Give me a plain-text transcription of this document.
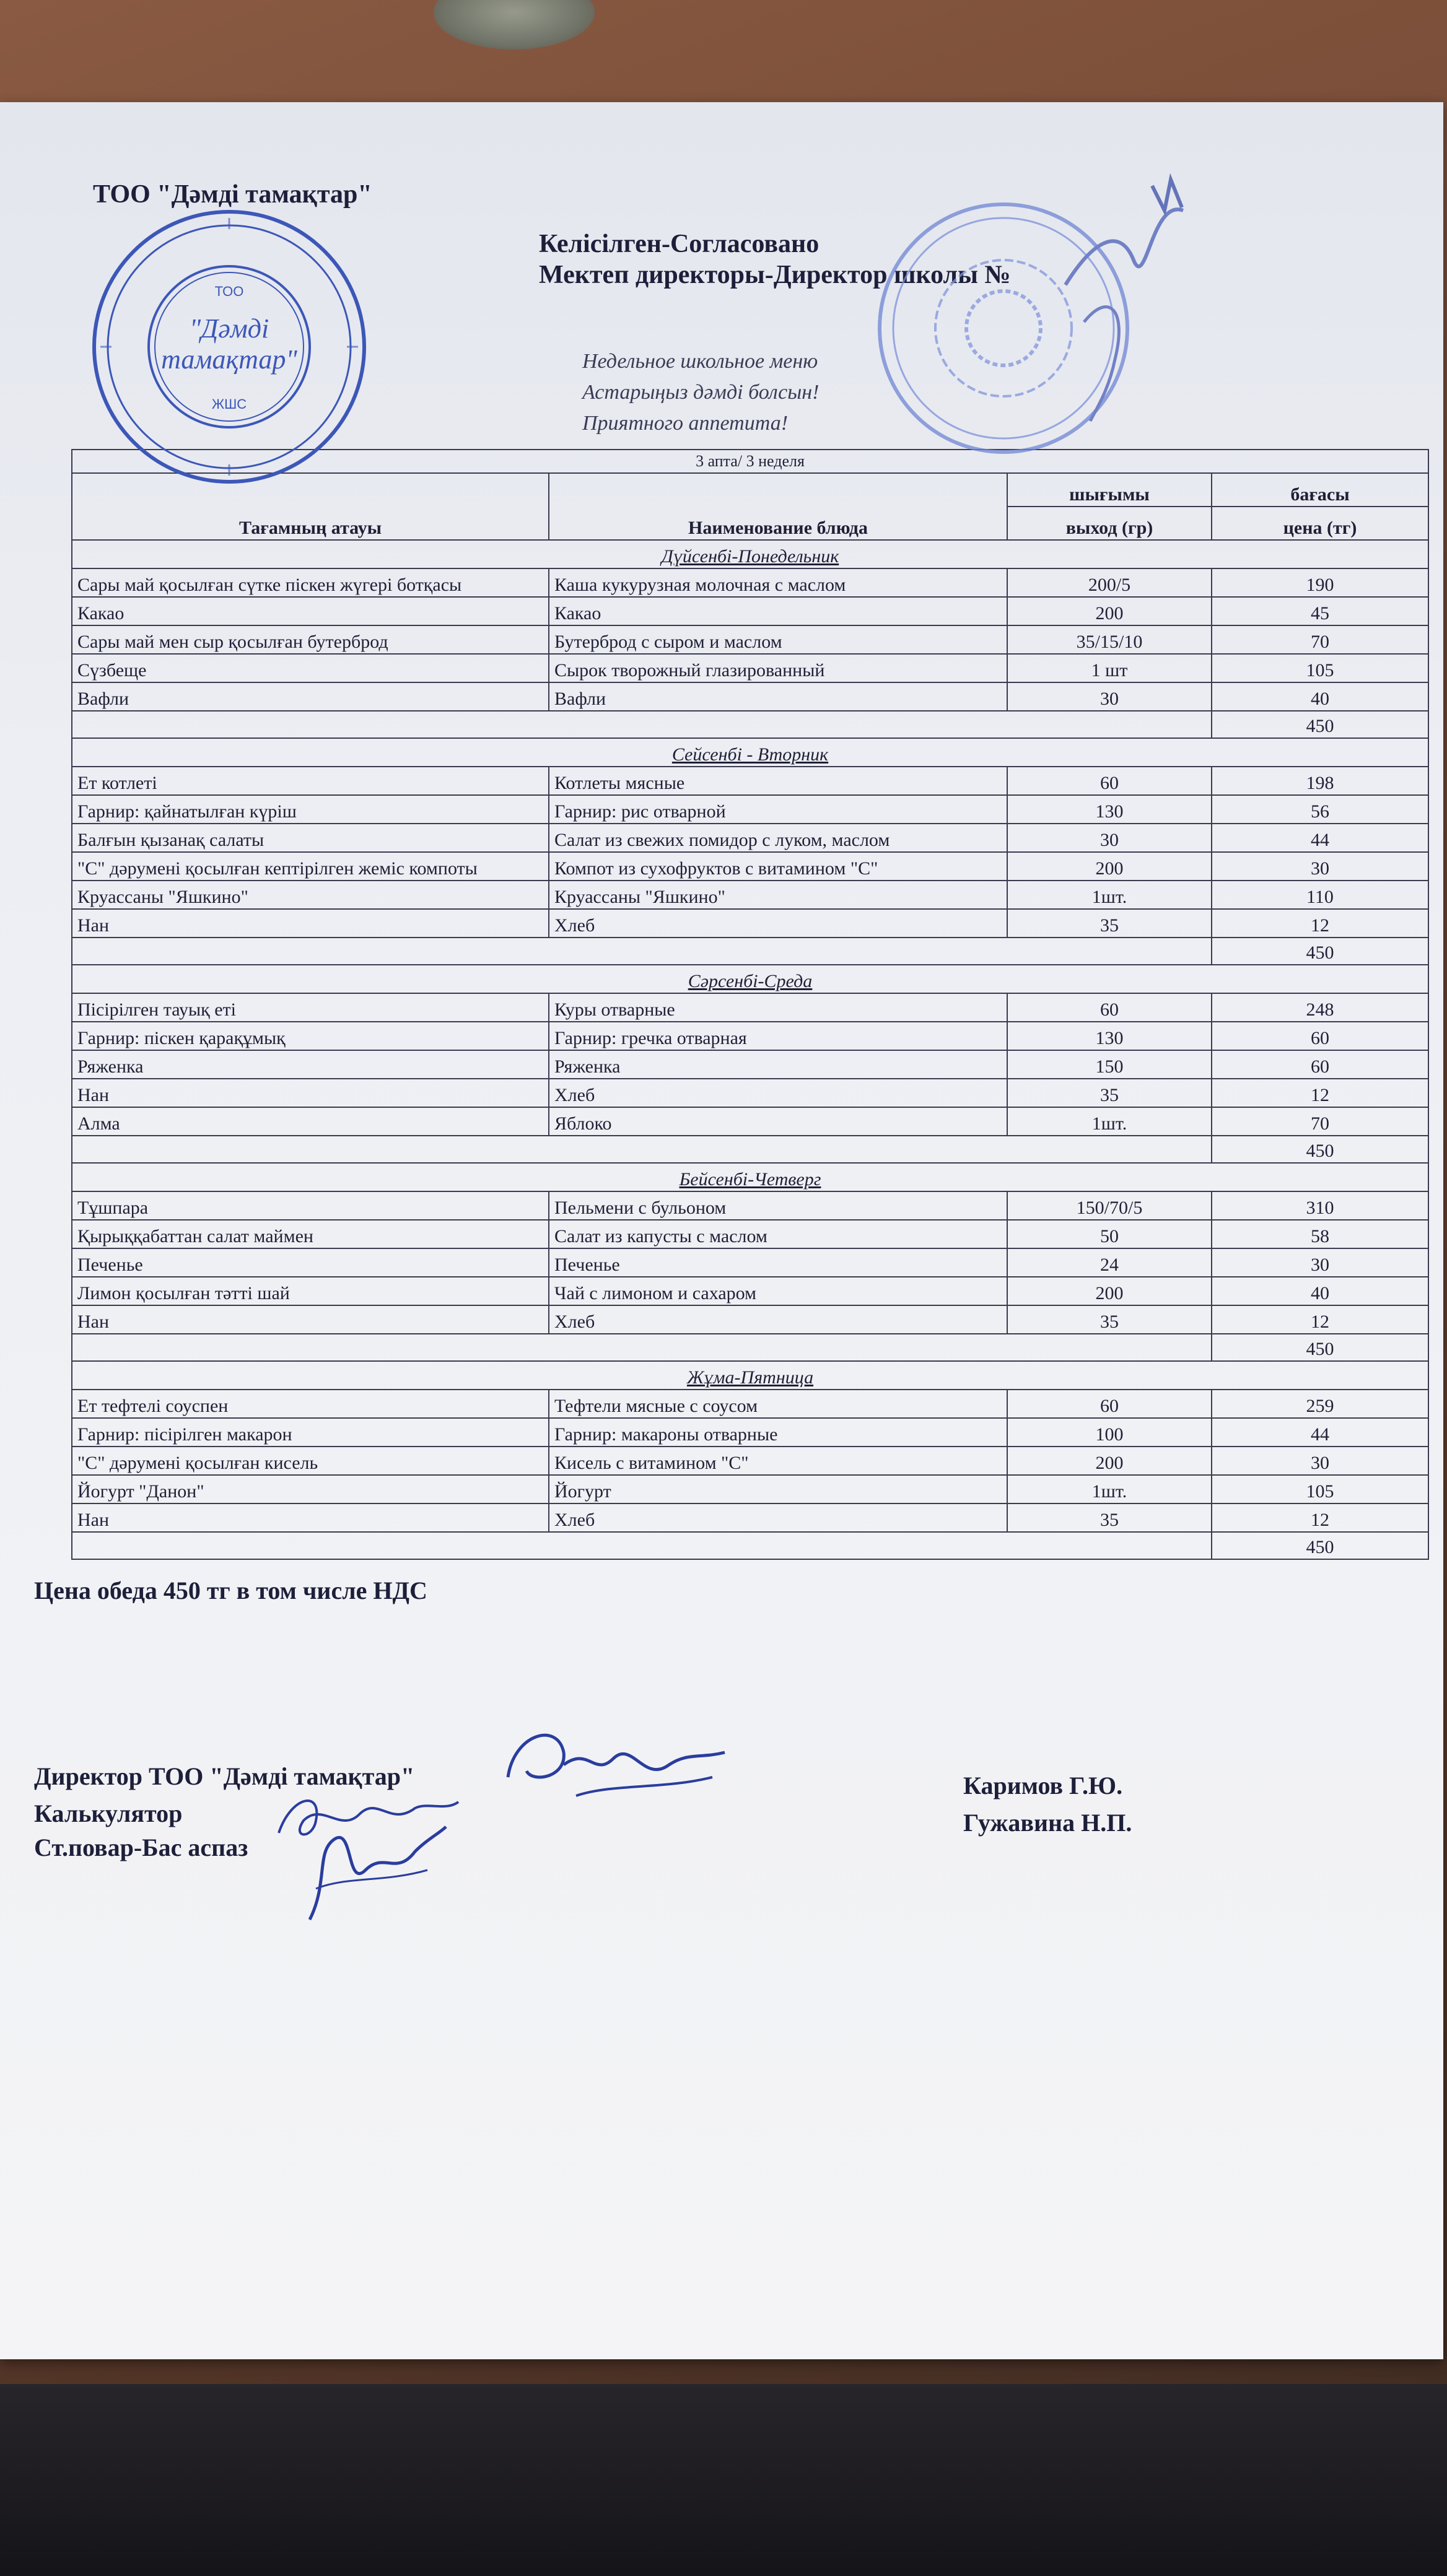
ТОО "Дәмді тамақтар"
Келісілген-Согласовано
Мектеп директоры-Директор школы №
Недельное школьное меню
Астарыңыз дәмді болсын!
Приятного аппетита!
3 апта/ 3 неделя			
Тағамның атауы	Наименование блюда	шығымы	бағасы
		выход (гр)	цена (тг)
Дүйсенбі-Понедельник			
Сары май қосылған сүтке піскен жүгері ботқасы	Каша кукурузная молочная с маслом	200/5	190
Какао	Какао	200	45
Сары май мен сыр қосылған бутерброд	Бутерброд с сыром и маслом	35/15/10	70
Сүзбеще	Сырок творожный глазированный	1 шт	105
Вафли	Вафли	30	40
			450
Сейсенбі - Вторник			
Ет котлеті	Котлеты мясные	60	198
Гарнир: қайнатылған күріш	Гарнир: рис отварной	130	56
Балғын қызанақ салаты	Салат из свежих помидор с луком, маслом	30	44
"С" дәрумені қосылған кептірілген жеміс компоты	Компот из сухофруктов с витамином "С"	200	30
Круассаны "Яшкино"	Круассаны "Яшкино"	1шт.	110
Нан	Хлеб	35	12
			450
Сәрсенбі-Среда			
Пісірілген тауық еті	Куры отварные	60	248
Гарнир: піскен қарақұмық	Гарнир: гречка отварная	130	60
Ряженка	Ряженка	150	60
Нан	Хлеб	35	12
Алма	Яблоко	1шт.	70
			450
Бейсенбі-Четверг			
Тұшпара	Пельмени с бульоном	150/70/5	310
Қырыққабаттан салат маймен	Салат из капусты с маслом	50	58
Печенье	Печенье	24	30
Лимон қосылған тәтті шай	Чай с лимоном и сахаром	200	40
Нан	Хлеб	35	12
			450
Жұма-Пятница			
Ет тефтелі соуспен	Тефтели мясные с соусом	60	259
Гарнир: пісірілген макарон	Гарнир: макароны отварные	100	44
"С" дәрумені қосылған кисель	Кисель с витамином "С"	200	30
Йогурт "Данон"	Йогурт	1шт.	105
Нан	Хлеб	35	12
			450
Цена обеда 450 тг в том числе НДС
Директор ТОО "Дәмді тамақтар"
Калькулятор
Ст.повар-Бас аспаз
Каримов Г.Ю.
Гужавина Н.П.
ТОО
"Дәмді
тамақтар"
ЖШС
